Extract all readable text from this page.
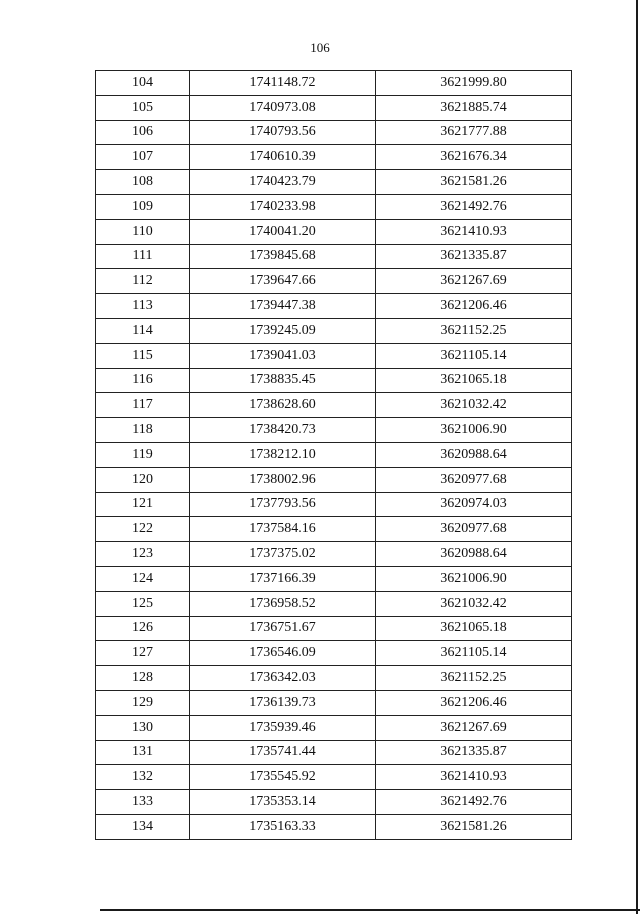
106
104	1741148.72	3621999.80
105	1740973.08	3621885.74
106	1740793.56	3621777.88
107	1740610.39	3621676.34
108	1740423.79	3621581.26
109	1740233.98	3621492.76
110	1740041.20	3621410.93
111	1739845.68	3621335.87
112	1739647.66	3621267.69
113	1739447.38	3621206.46
114	1739245.09	3621152.25
115	1739041.03	3621105.14
116	1738835.45	3621065.18
117	1738628.60	3621032.42
118	1738420.73	3621006.90
119	1738212.10	3620988.64
120	1738002.96	3620977.68
121	1737793.56	3620974.03
122	1737584.16	3620977.68
123	1737375.02	3620988.64
124	1737166.39	3621006.90
125	1736958.52	3621032.42
126	1736751.67	3621065.18
127	1736546.09	3621105.14
128	1736342.03	3621152.25
129	1736139.73	3621206.46
130	1735939.46	3621267.69
131	1735741.44	3621335.87
132	1735545.92	3621410.93
133	1735353.14	3621492.76
134	1735163.33	3621581.26
